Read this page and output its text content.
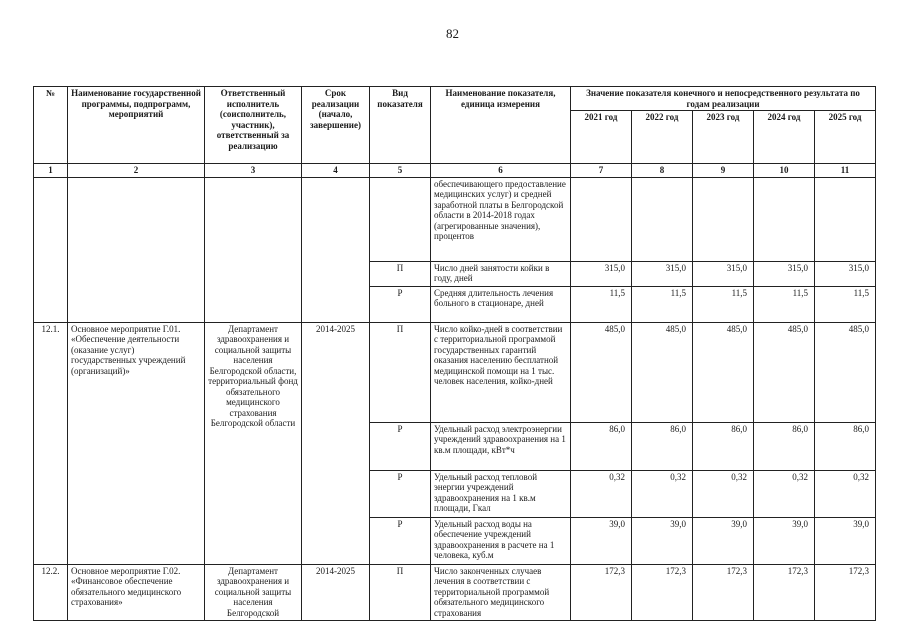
82
№	Наименование государственной программы, подпрограмм, мероприятий	Ответственный исполнитель (соисполнитель, участник), ответственный за реализацию	Срок реализации (начало, завершение)	Вид показателя	Наименование показателя, единица измерения	Значение показателя конечного и непосредственного результата по годам реализации				
						2021 год	2022 год	2023 год	2024 год	2025 год
1	2	3	4	5	6	7	8	9	10	11
					обеспечивающего предоставление медицинских услуг) и средней заработной платы в Белгородской области в 2014-2018 годах (агрегированные значения), процентов					
				П	Число дней занятости койки в году, дней	315,0	315,0	315,0	315,0	315,0
				Р	Средняя длительность лечения больного в стационаре, дней	11,5	11,5	11,5	11,5	11,5
12.1.	Основное мероприятие Г.01. «Обеспечение деятельности (оказание услуг) государственных учреждений (организаций)»	Департамент здравоохранения и социальной защиты населения Белгородской области, территориальный фонд обязательного медицинского страхования Белгородской области	2014-2025	П	Число койко-дней в соответствии с территориальной программой государственных гарантий оказания населению бесплатной медицинской помощи на 1 тыс. человек населения, койко-дней	485,0	485,0	485,0	485,0	485,0
				Р	Удельный расход электроэнергии учреждений здравоохранения на 1 кв.м площади, кВт*ч	86,0	86,0	86,0	86,0	86,0
				Р	Удельный расход тепловой энергии учреждений здравоохранения на 1 кв.м площади, Гкал	0,32	0,32	0,32	0,32	0,32
				Р	Удельный расход воды на обеспечение учреждений здравоохранения в расчете на 1 человека, куб.м	39,0	39,0	39,0	39,0	39,0
12.2.	Основное мероприятие Г.02. «Финансовое обеспечение обязательного медицинского страхования»	Департамент здравоохранения и социальной защиты населения Белгородской	2014-2025	П	Число законченных случаев лечения в соответствии с территориальной программой обязательного медицинского страхования	172,3	172,3	172,3	172,3	172,3
